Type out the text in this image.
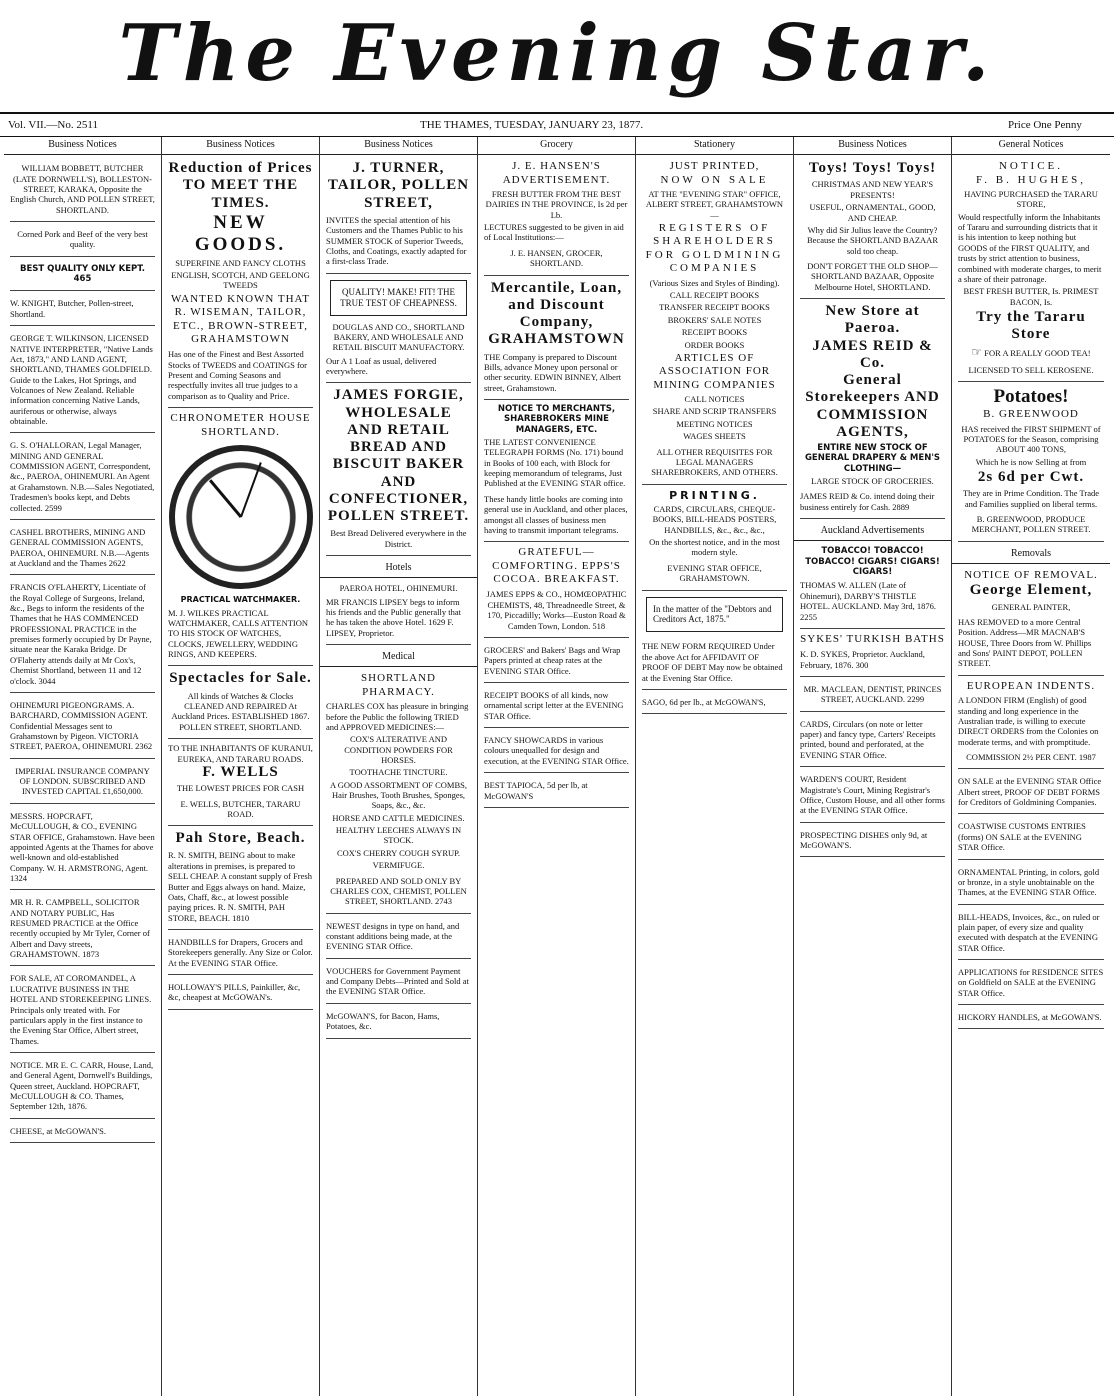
The Evening Star.
Vol. VII.—No. 2511	THE THAMES, TUESDAY, JANUARY 23, 1877.	Price One Penny
Business Notices
WILLIAM BOBBETT, BUTCHER (LATE DORNWELL'S), BOLLESTON-STREET, KARAKA, Opposite the English Church, AND POLLEN STREET, SHORTLAND.
Corned Pork and Beef of the very best quality.
BEST QUALITY ONLY KEPT. 465
W. KNIGHT, Butcher, Pollen-street, Shortland.
GEORGE T. WILKINSON, LICENSED NATIVE INTERPRETER, "Native Lands Act, 1873," AND LAND AGENT, SHORTLAND, THAMES GOLDFIELD. Guide to the Lakes, Hot Springs, and Volcanoes of New Zealand. Reliable information concerning Native Lands, auriferous or otherwise, always obtainable.
G. S. O'HALLORAN, Legal Manager, MINING AND GENERAL COMMISSION AGENT, Correspondent, &c., PAEROA, OHINEMURI. An Agent at Grahamstown. N.B.—Sales Negotiated, Tradesmen's books kept, and Debts collected. 2599
CASHEL BROTHERS, MINING AND GENERAL COMMISSION AGENTS, PAEROA, OHINEMURI. N.B.—Agents at Auckland and the Thames 2622
FRANCIS O'FLAHERTY, Licentiate of the Royal College of Surgeons, Ireland, &c., Begs to inform the residents of the Thames that he HAS COMMENCED PROFESSIONAL PRACTICE in the premises formerly occupied by Dr Payne, situate near the Karaka Bridge. Dr O'Flaherty attends daily at Mr Cox's, Chemist Shortland, between 11 and 12 o'clock. 3044
OHINEMURI PIGEONGRAMS. A. BARCHARD, COMMISSION AGENT. Confidential Messages sent to Grahamstown by Pigeon. VICTORIA STREET, PAEROA, OHINEMURI. 2362
IMPERIAL INSURANCE COMPANY OF LONDON. SUBSCRIBED AND INVESTED CAPITAL £1,650,000.
MESSRS. HOPCRAFT, McCULLOUGH, & CO., EVENING STAR OFFICE, Grahamstown. Have been appointed Agents at the Thames for above well-known and old-established Company. W. H. ARMSTRONG, Agent. 1324
MR H. R. CAMPBELL, SOLICITOR AND NOTARY PUBLIC, Has RESUMED PRACTICE at the Office recently occupied by Mr Tyler, Corner of Albert and Davy streets, GRAHAMSTOWN. 1873
FOR SALE, AT COROMANDEL, A LUCRATIVE BUSINESS IN THE HOTEL AND STOREKEEPING LINES. Principals only treated with. For particulars apply in the first instance to the Evening Star Office, Albert street, Thames.
NOTICE. MR E. C. CARR, House, Land, and General Agent, Dornwell's Buildings, Queen street, Auckland. HOPCRAFT, McCULLOUGH & CO. Thames, September 12th, 1876.
CHEESE, at McGOWAN'S.
Business Notices
Reduction of Prices TO MEET THE TIMES.
NEW GOODS.

SUPERFINE AND FANCY CLOTHS

ENGLISH, SCOTCH, AND GEELONG TWEEDS

WANTED KNOWN THAT R. WISEMAN, TAILOR, ETC., BROWN-STREET, GRAHAMSTOWN
Has one of the Finest and Best Assorted Stocks of TWEEDS and COATINGS for Present and Coming Seasons and respectfully invites all true judges to a comparison as to Quality and Price.
CHRONOMETER HOUSE SHORTLAND.
PRACTICAL WATCHMAKER.
M. J. WILKES PRACTICAL WATCHMAKER, CALLS ATTENTION TO HIS STOCK OF WATCHES, CLOCKS, JEWELLERY, WEDDING RINGS, AND KEEPERS.
Spectacles for Sale.
All kinds of Watches & Clocks CLEANED AND REPAIRED At Auckland Prices. ESTABLISHED 1867. POLLEN STREET, SHORTLAND.
TO THE INHABITANTS OF KURANUI, EUREKA, AND TARARU ROADS.
F. WELLS

THE LOWEST PRICES FOR CASH

E. WELLS, BUTCHER, TARARU ROAD.
Pah Store, Beach.
R. N. SMITH, BEING about to make alterations in premises, is prepared to SELL CHEAP. A constant supply of Fresh Butter and Eggs always on hand. Maize, Oats, Chaff, &c., at lowest possible paying prices. R. N. SMITH, PAH STORE, BEACH. 1810
HANDBILLS for Drapers, Grocers and Storekeepers generally. Any Size or Color. At the EVENING STAR Office.
HOLLOWAY'S PILLS, Painkiller, &c, &c, cheapest at McGOWAN's.
Business Notices
J. TURNER, TAILOR, POLLEN STREET,
INVITES the special attention of his Customers and the Thames Public to his SUMMER STOCK of Superior Tweeds, Cloths, and Coatings, exactly adapted for a first-class Trade.
QUALITY! MAKE! FIT! THE TRUE TEST OF CHEAPNESS.
DOUGLAS AND CO., SHORTLAND BAKERY, AND WHOLESALE AND RETAIL BISCUIT MANUFACTORY.
Our A 1 Loaf as usual, delivered everywhere.
JAMES FORGIE, WHOLESALE AND RETAIL BREAD AND BISCUIT BAKER AND CONFECTIONER, POLLEN STREET.
Best Bread Delivered everywhere in the District.
Hotels
PAEROA HOTEL, OHINEMURI.
MR FRANCIS LIPSEY begs to inform his friends and the Public generally that he has taken the above Hotel. 1629 F. LIPSEY, Proprietor.
Medical
SHORTLAND PHARMACY.

CHARLES COX has pleasure in bringing before the Public the following TRIED and APPROVED MEDICINES:—

COX'S ALTERATIVE AND CONDITION POWDERS FOR HORSES.

TOOTHACHE TINCTURE.

A GOOD ASSORTMENT OF COMBS, Hair Brushes, Tooth Brushes, Sponges, Soaps, &c., &c.

HORSE AND CATTLE MEDICINES.

HEALTHY LEECHES ALWAYS IN STOCK.

COX'S CHERRY COUGH SYRUP.

VERMIFUGE.

PREPARED AND SOLD ONLY BY CHARLES COX, CHEMIST, POLLEN STREET, SHORTLAND. 2743
NEWEST designs in type on hand, and constant additions being made, at the EVENING STAR Office.
VOUCHERS for Government Payment and Company Debts—Printed and Sold at the EVENING STAR Office.
McGOWAN'S, for Bacon, Hams, Potatoes, &c.
Grocery
J. E. HANSEN'S ADVERTISEMENT.

FRESH BUTTER FROM THE BEST DAIRIES IN THE PROVINCE, Is 2d per Lb.

LECTURES suggested to be given in aid of Local Institutions:—

J. E. HANSEN, GROCER, SHORTLAND.
Mercantile, Loan, and Discount Company, GRAHAMSTOWN
THE Company is prepared to Discount Bills, advance Money upon personal or other security. EDWIN BINNEY, Albert street, Grahamstown.
NOTICE TO MERCHANTS, SHAREBROKERS MINE MANAGERS, ETC.

THE LATEST CONVENIENCE TELEGRAPH FORMS (No. 171) bound in Books of 100 each, with Block for keeping memorandum of telegrams, Just Published at the EVENING STAR office.

These handy little books are coming into general use in Auckland, and other places, amongst all classes of business men having to transmit important telegrams.
GRATEFUL—COMFORTING. EPPS'S COCOA. BREAKFAST.
JAMES EPPS & CO., HOMŒOPATHIC CHEMISTS, 48, Threadneedle Street, & 170, Piccadilly; Works—Euston Road & Camden Town, London. 518
GROCERS' and Bakers' Bags and Wrap Papers printed at cheap rates at the EVENING STAR Office.
RECEIPT BOOKS of all kinds, now ornamental script letter at the EVENING STAR Office.
FANCY SHOWCARDS in various colours unequalled for design and execution, at the EVENING STAR Office.
BEST TAPIOCA, 5d per lb, at McGOWAN'S
Stationery
JUST PRINTED,
NOW ON SALE

AT THE "EVENING STAR" OFFICE, ALBERT STREET, GRAHAMSTOWN—

REGISTERS OF SHAREHOLDERS FOR GOLDMINING COMPANIES

(Various Sizes and Styles of Binding).

CALL RECEIPT BOOKS

TRANSFER RECEIPT BOOKS

BROKERS' SALE NOTES

RECEIPT BOOKS

ORDER BOOKS

ARTICLES OF ASSOCIATION FOR MINING COMPANIES

CALL NOTICES

SHARE AND SCRIP TRANSFERS

MEETING NOTICES

WAGES SHEETS

ALL OTHER REQUISITES FOR LEGAL MANAGERS SHAREBROKERS, AND OTHERS.
PRINTING.

CARDS, CIRCULARS, CHEQUE-BOOKS, BILL-HEADS POSTERS, HANDBILLS, &c., &c., &c.,

On the shortest notice, and in the most modern style.

EVENING STAR OFFICE, GRAHAMSTOWN.
In the matter of the "Debtors and Creditors Act, 1875."
THE NEW FORM REQUIRED Under the above Act for AFFIDAVIT OF PROOF OF DEBT May now be obtained at the Evening Star Office.
SAGO, 6d per lb., at McGOWAN'S,
Business Notices
Toys! Toys! Toys!

CHRISTMAS AND NEW YEAR'S PRESENTS!

USEFUL, ORNAMENTAL, GOOD, AND CHEAP.

Why did Sir Julius leave the Country? Because the SHORTLAND BAZAAR sold too cheap.

DON'T FORGET THE OLD SHOP— SHORTLAND BAZAAR, Opposite Melbourne Hotel, SHORTLAND.
New Store at Paeroa.
JAMES REID & Co.
General Storekeepers AND COMMISSION AGENTS,

ENTIRE NEW STOCK OF GENERAL DRAPERY & MEN'S CLOTHING—

LARGE STOCK OF GROCERIES.

JAMES REID & Co. intend doing their business entirely for Cash. 2889
Auckland Advertisements
TOBACCO! TOBACCO! TOBACCO! CIGARS! CIGARS! CIGARS!
THOMAS W. ALLEN (Late of Ohinemuri), DARBY'S THISTLE HOTEL. AUCKLAND. May 3rd, 1876. 2255
SYKES' TURKISH BATHS
K. D. SYKES, Proprietor. Auckland, February, 1876. 300
MR. MACLEAN, DENTIST, PRINCES STREET, AUCKLAND. 2299
CARDS, Circulars (on note or letter paper) and fancy type, Carters' Receipts printed, bound and perforated, at the EVENING STAR Office.
WARDEN'S COURT, Resident Magistrate's Court, Mining Registrar's Office, Custom House, and all other forms at the EVENING STAR Office.
PROSPECTING DISHES only 9d, at McGOWAN'S.
General Notices
NOTICE.
F. B. HUGHES,

HAVING PURCHASED the TARARU STORE,

Would respectfully inform the Inhabitants of Tararu and surrounding districts that it is his intention to keep nothing but GOODS of the FIRST QUALITY, and trusts by strict attention to business, combined with moderate charges, to merit a share of their patronage.

BEST FRESH BUTTER, Is. PRIMEST BACON, Is.

Try the Tararu Store

☞ FOR A REALLY GOOD TEA!

LICENSED TO SELL KEROSENE.
Potatoes!
B. GREENWOOD

HAS received the FIRST SHIPMENT of POTATOES for the Season, comprising ABOUT 400 TONS,

Which he is now Selling at from

2s 6d per Cwt.

They are in Prime Condition. The Trade and Families supplied on liberal terms.

B. GREENWOOD, PRODUCE MERCHANT, POLLEN STREET.
Removals
NOTICE OF REMOVAL.
George Element,

GENERAL PAINTER,

HAS REMOVED to a more Central Position. Address—MR MACNAB'S HOUSE, Three Doors from W. Phillips and Sons' PAINT DEPOT, POLLEN STREET.
EUROPEAN INDENTS.

A LONDON FIRM (English) of good standing and long experience in the Australian trade, is willing to execute DIRECT ORDERS from the Colonies on moderate terms, and with promptitude.

COMMISSION 2½ PER CENT. 1987
ON SALE at the EVENING STAR Office Albert street, PROOF OF DEBT FORMS for Creditors of Goldmining Companies.
COASTWISE CUSTOMS ENTRIES (forms) ON SALE at the EVENING STAR Office.
ORNAMENTAL Printing, in colors, gold or bronze, in a style unobtainable on the Thames, at the EVENING STAR Office.
BILL-HEADS, Invoices, &c., on ruled or plain paper, of every size and quality executed with despatch at the EVENING STAR Office.
APPLICATIONS for RESIDENCE SITES on Goldfield on SALE at the EVENING STAR Office.
HICKORY HANDLES, at McGOWAN'S.
